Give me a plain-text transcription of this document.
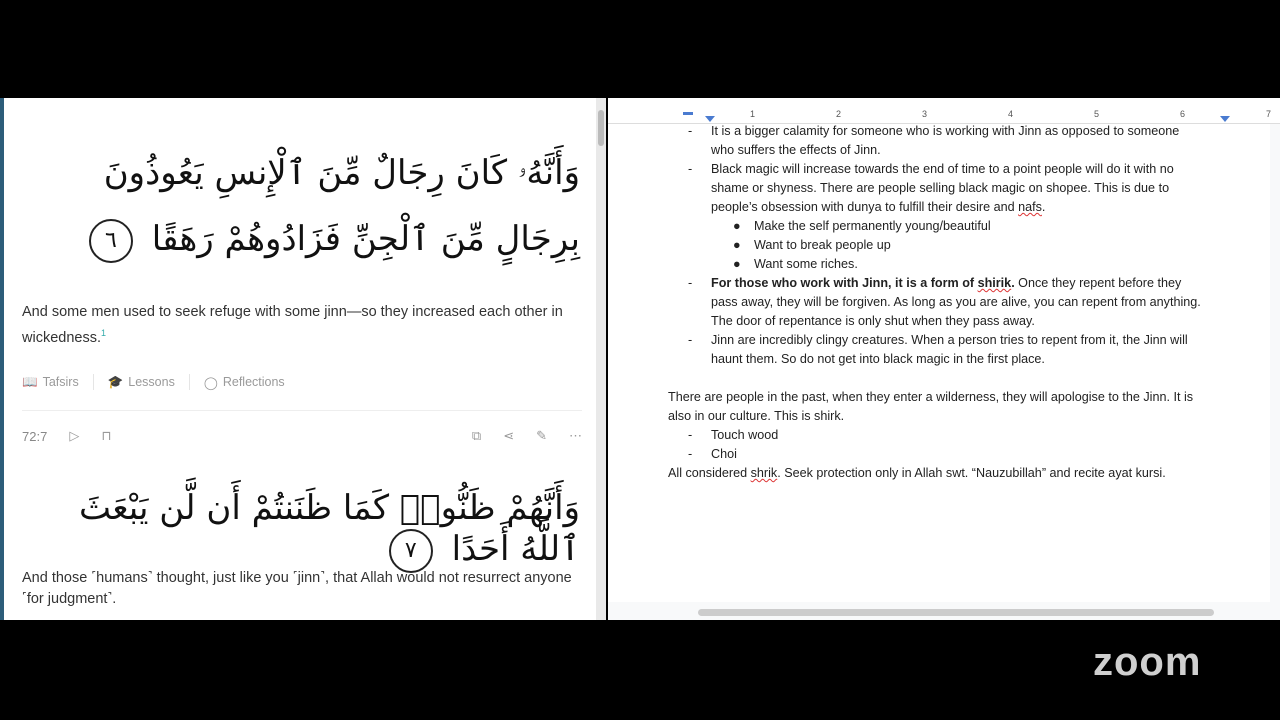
وَأَنَّهُۥ كَانَ رِجَالٌ مِّنَ ٱلْإِنسِ يَعُوذُونَ بِرِجَالٍ مِّنَ ٱلْجِنِّ فَزَادُوهُمْ رَهَقًا ٦
And some men used to seek refuge with some jinn—so they increased each other in wickedness.$^1$
📖 Tafsirs 🎓 Lessons ◯ Reflections
72:7 ▷ ⊓	⧉ ⋖ ✎ ⋯
وَأَنَّهُمْ ظَنُّوا۟ كَمَا ظَنَنتُمْ أَن لَّن يَبْعَثَ ٱللَّهُ أَحَدًا ٧
And those ˹humans˺ thought, just like you ˹jinn˺, that Allah would not resurrect anyone ˹for judgment˺.
1	2	3	4	5	6	7
- It is a bigger calamity for someone who is working with Jinn as opposed to someone
who suffers the effects of Jinn.
- Black magic will increase towards the end of time to a point people will do it with no
shame or shyness. There are people selling black magic on shopee. This is due to
people’s obsession with dunya to fulfill their desire and nafs.
● Make the self permanently young/beautiful
● Want to break people up
● Want some riches.
- For those who work with Jinn, it is a form of shirik. Once they repent before they
pass away, they will be forgiven. As long as you are alive, you can repent from anything.
The door of repentance is only shut when they pass away.
- Jinn are incredibly clingy creatures. When a person tries to repent from it, the Jinn will
haunt them. So do not get into black magic in the first place.
There are people in the past, when they enter a wilderness, they will apologise to the Jinn. It is
also in our culture. This is shirk.
- Touch wood
- Choi
All considered shrik. Seek protection only in Allah swt. “Nauzubillah” and recite ayat kursi.
zoom
